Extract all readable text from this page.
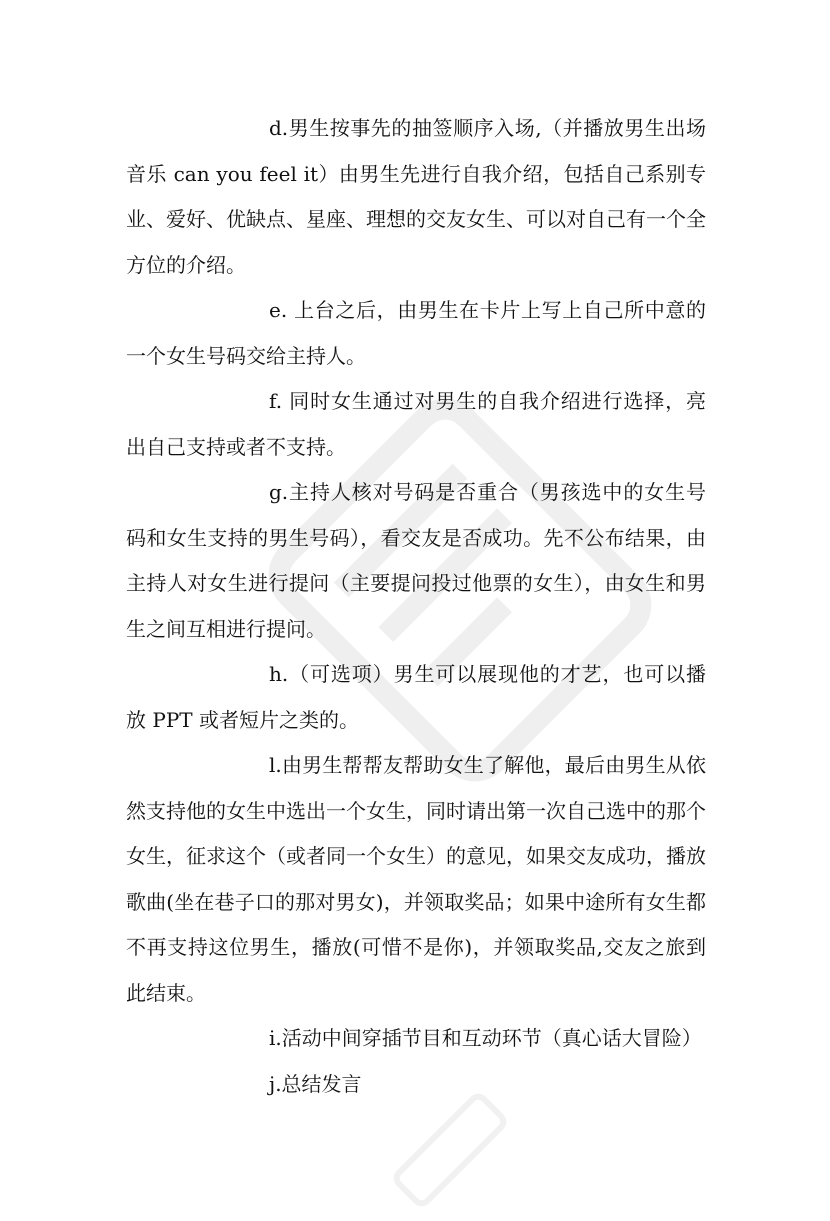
d.男生按事先的抽签顺序入场,（并播放男生出场音乐 can you feel it）由男生先进行自我介绍，包括自己系别专业、爱好、优缺点、星座、理想的交友女生、可以对自己有一个全方位的介绍。

e. 上台之后，由男生在卡片上写上自己所中意的一个女生号码交给主持人。

f. 同时女生通过对男生的自我介绍进行选择，亮出自己支持或者不支持。

g.主持人核对号码是否重合（男孩选中的女生号码和女生支持的男生号码），看交友是否成功。先不公布结果，由主持人对女生进行提问（主要提问投过他票的女生），由女生和男生之间互相进行提问。

h.（可选项）男生可以展现他的才艺，也可以播放 PPT 或者短片之类的。

l.由男生帮帮友帮助女生了解他，最后由男生从依然支持他的女生中选出一个女生，同时请出第一次自己选中的那个女生，征求这个（或者同一个女生）的意见，如果交友成功，播放歌曲(坐在巷子口的那对男女)，并领取奖品；如果中途所有女生都不再支持这位男生，播放(可惜不是你)，并领取奖品,交友之旅到此结束。

i.活动中间穿插节目和互动环节（真心话大冒险）

j.总结发言
